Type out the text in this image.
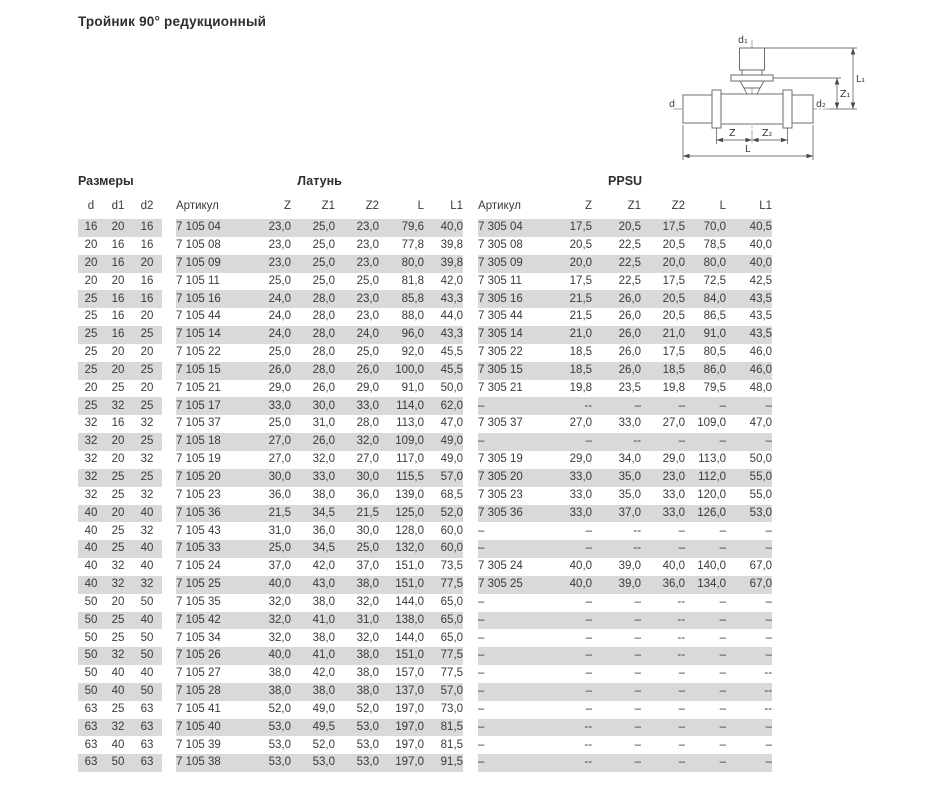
Тройник 90° редукционный
d₁
d	d₂
Z	Z₂
L
Z₁
L₁
Размеры				Латунь							PPSU					
d	d1	d2		Артикул	Z	Z1	Z2	L	L1		Артикул	Z	Z1	Z2	L	L1
16	20	16		7 105 04	23,0	25,0	23,0	79,6	40,0		7 305 04	17,5	20,5	17,5	70,0	40,5
20	16	16		7 105 08	23,0	25,0	23,0	77,8	39,8		7 305 08	20,5	22,5	20,5	78,5	40,0
20	16	20		7 105 09	23,0	25,0	23,0	80,0	39,8		7 305 09	20,0	22,5	20,0	80,0	40,0
20	20	16		7 105 11	25,0	25,0	25,0	81,8	42,0		7 305 11	17,5	22,5	17,5	72,5	42,5
25	16	16		7 105 16	24,0	28,0	23,0	85,8	43,3		7 305 16	21,5	26,0	20,5	84,0	43,5
25	16	20		7 105 44	24,0	28,0	23,0	88,0	44,0		7 305 44	21,5	26,0	20,5	86,5	43,5
25	16	25		7 105 14	24,0	28,0	24,0	96,0	43,3		7 305 14	21,0	26,0	21,0	91,0	43,5
25	20	20		7 105 22	25,0	28,0	25,0	92,0	45,5		7 305 22	18,5	26,0	17,5	80,5	46,0
25	20	25		7 105 15	26,0	28,0	26,0	100,0	45,5		7 305 15	18,5	26,0	18,5	86,0	46,0
20	25	20		7 105 21	29,0	26,0	29,0	91,0	50,0		7 305 21	19,8	23,5	19,8	79,5	48,0
25	32	25		7 105 17	33,0	30,0	33,0	114,0	62,0		–	--	–	–	–	–
32	16	32		7 105 37	25,0	31,0	28,0	113,0	47,0		7 305 37	27,0	33,0	27,0	109,0	47,0
32	20	25		7 105 18	27,0	26,0	32,0	109,0	49,0		–	–	--	–	–	–
32	20	32		7 105 19	27,0	32,0	27,0	117,0	49,0		7 305 19	29,0	34,0	29,0	113,0	50,0
32	25	25		7 105 20	30,0	33,0	30,0	115,5	57,0		7 305 20	33,0	35,0	23,0	112,0	55,0
32	25	32		7 105 23	36,0	38,0	36,0	139,0	68,5		7 305 23	33,0	35,0	33,0	120,0	55,0
40	20	40		7 105 36	21,5	34,5	21,5	125,0	52,0		7 305 36	33,0	37,0	33,0	126,0	53,0
40	25	32		7 105 43	31,0	36,0	30,0	128,0	60,0		–	–	--	–	–	–
40	25	40		7 105 33	25,0	34,5	25,0	132,0	60,0		–	–	--	–	–	–
40	32	40		7 105 24	37,0	42,0	37,0	151,0	73,5		7 305 24	40,0	39,0	40,0	140,0	67,0
40	32	32		7 105 25	40,0	43,0	38,0	151,0	77,5		7 305 25	40,0	39,0	36,0	134,0	67,0
50	20	50		7 105 35	32,0	38,0	32,0	144,0	65,0		–	–	–	--	–	–
50	25	40		7 105 42	32,0	41,0	31,0	138,0	65,0		–	–	–	--	–	–
50	25	50		7 105 34	32,0	38,0	32,0	144,0	65,0		–	–	–	--	–	–
50	32	50		7 105 26	40,0	41,0	38,0	151,0	77,5		–	–	–	--	–	–
50	40	40		7 105 27	38,0	42,0	38,0	157,0	77,5		–	–	–	–	–	--
50	40	50		7 105 28	38,0	38,0	38,0	137,0	57,0		–	–	–	–	–	--
63	25	63		7 105 41	52,0	49,0	52,0	197,0	73,0		–	–	–	–	–	--
63	32	63		7 105 40	53,0	49,5	53,0	197,0	81,5		–	--	–	–	–	–
63	40	63		7 105 39	53,0	52,0	53,0	197,0	81,5		–	--	–	–	–	–
63	50	63		7 105 38	53,0	53,0	53,0	197,0	91,5		–	--	–	–	–	–
